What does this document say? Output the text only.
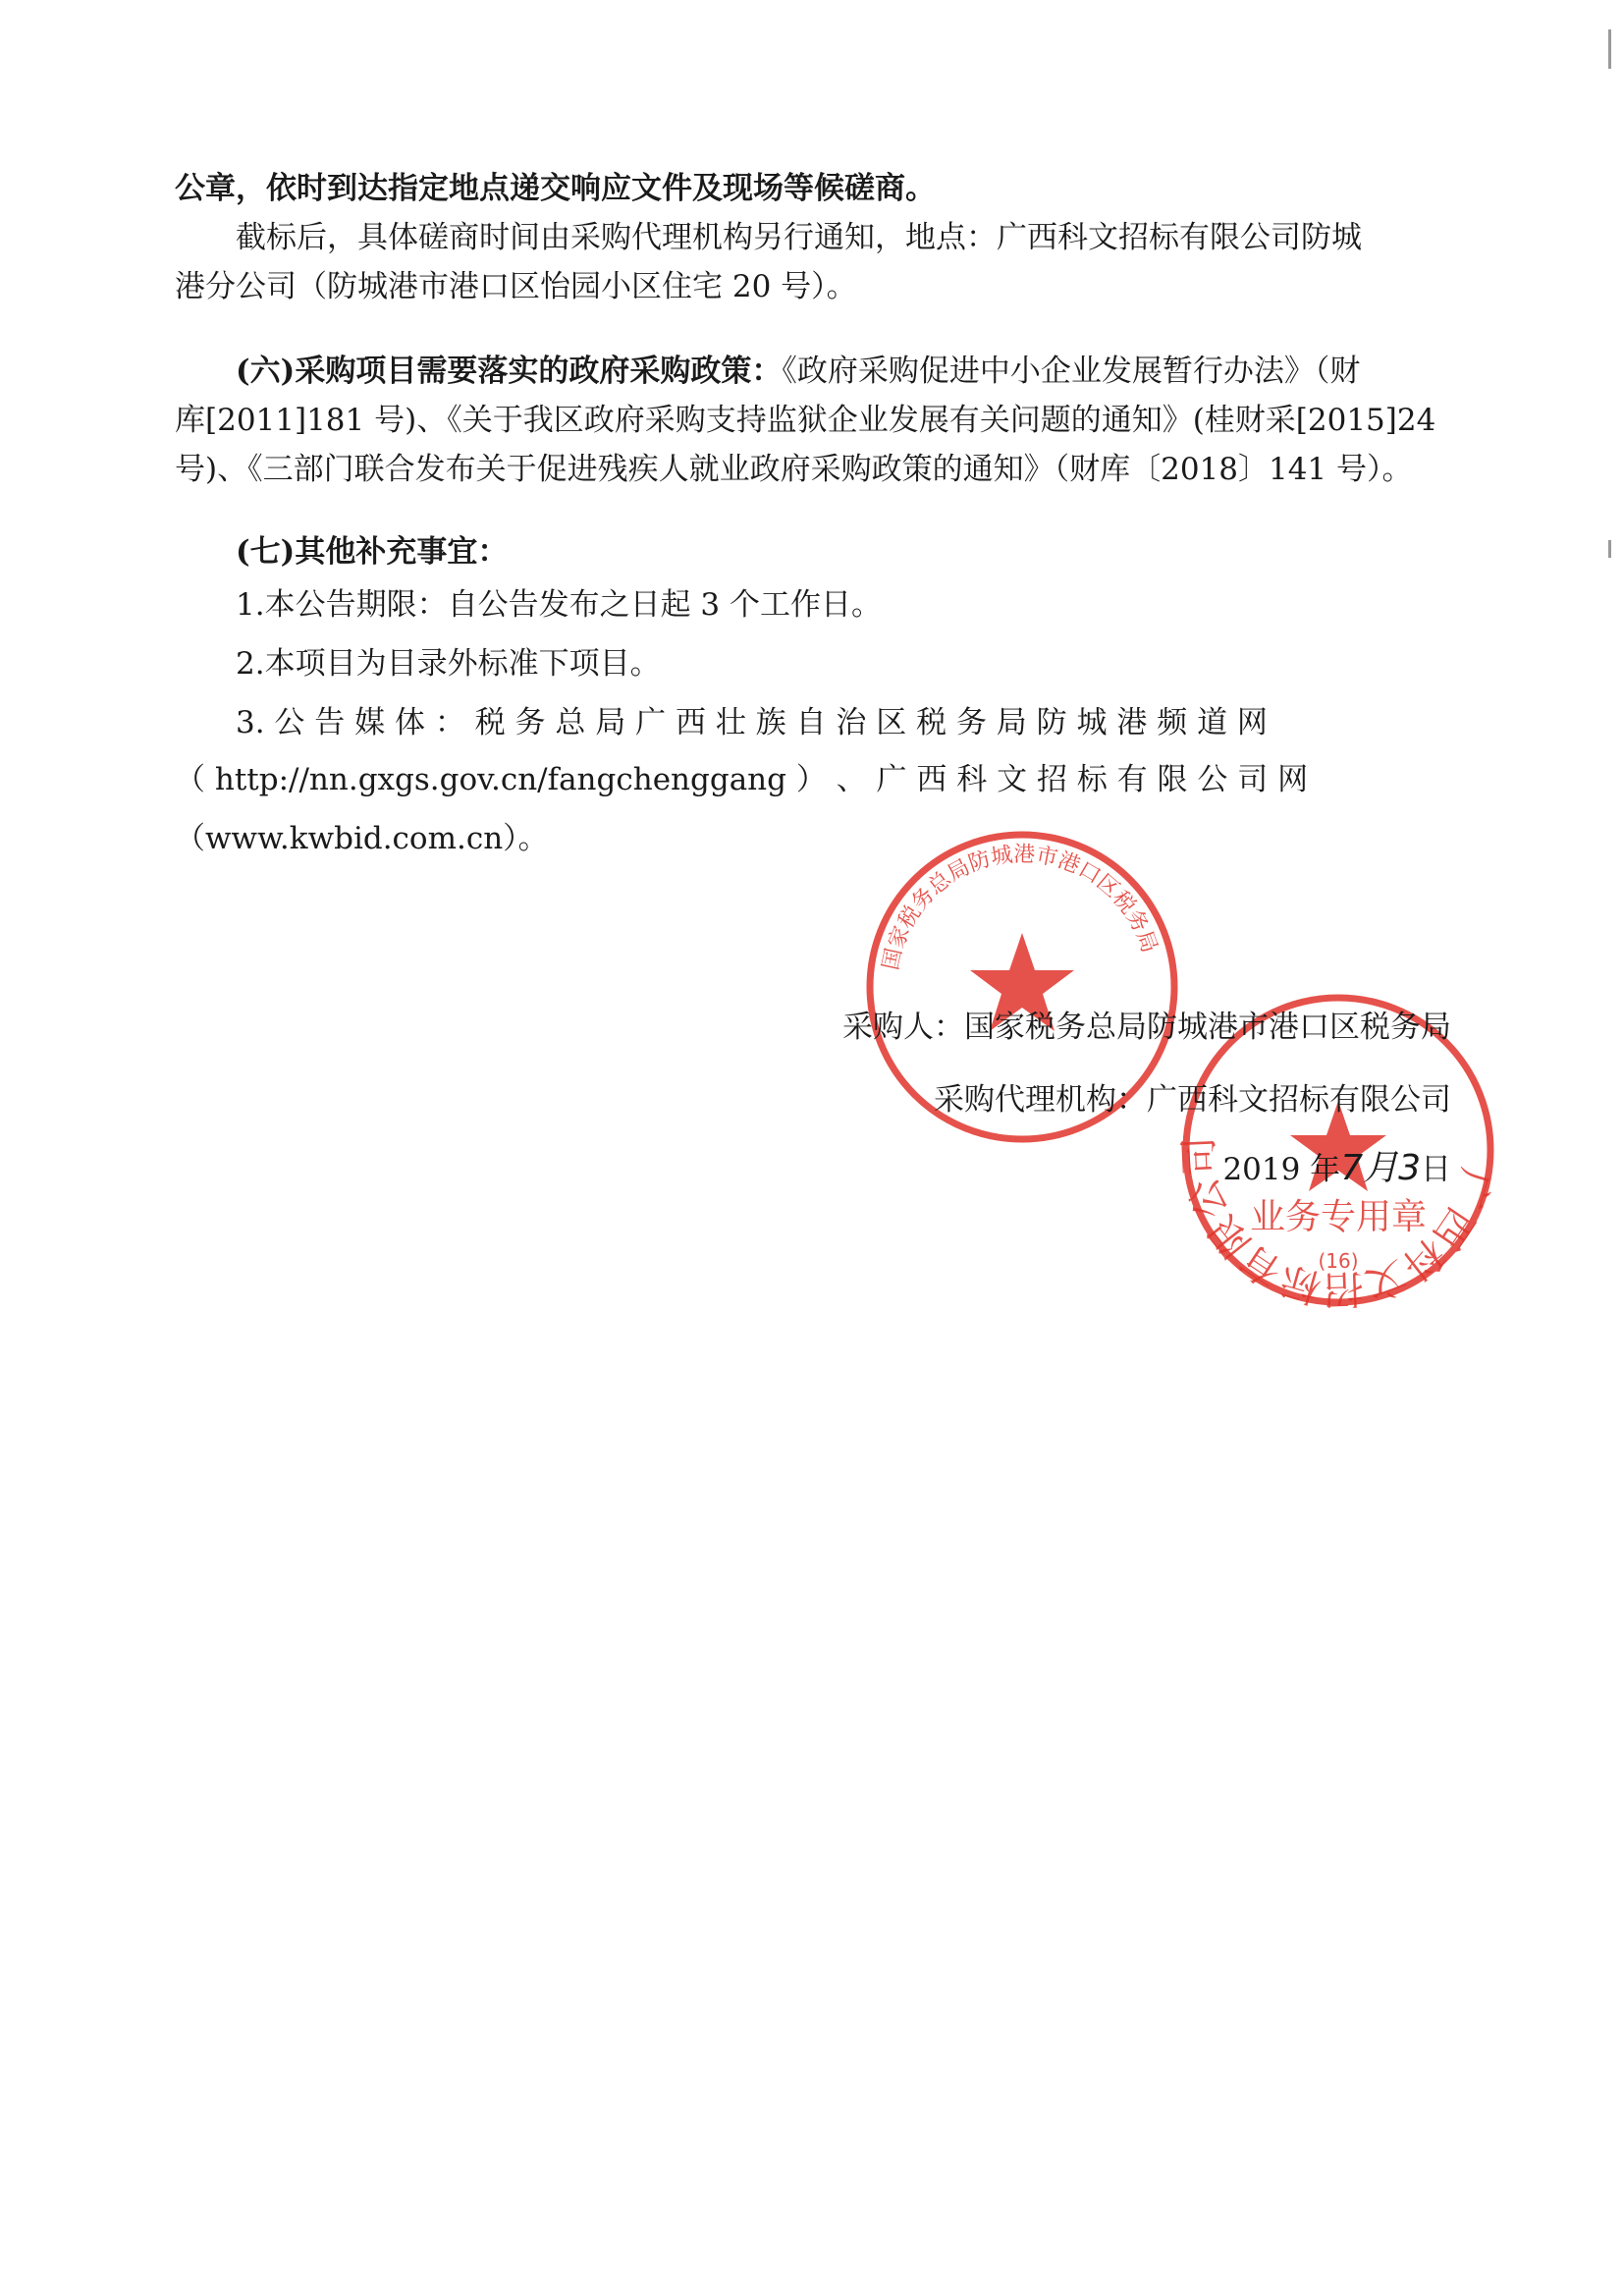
公章，依时到达指定地点递交响应文件及现场等候磋商。
截标后，具体磋商时间由采购代理机构另行通知，地点：广西科文招标有限公司防城
港分公司（防城港市港口区怡园小区住宅 20 号）。
(六)采购项目需要落实的政府采购政策：《政府采购促进中小企业发展暂行办法》（财
库[2011]181 号)、《关于我区政府采购支持监狱企业发展有关问题的通知》(桂财采[2015]24
号)、《三部门联合发布关于促进残疾人就业政府采购政策的通知》（财库〔2018〕141 号）。
(七)其他补充事宜：
1.本公告期限：自公告发布之日起 3 个工作日。
2.本项目为目录外标准下项目。
3. 公 告 媒 体 ： 税 务 总 局 广 西 壮 族 自 治 区 税 务 局 防 城 港 频 道 网
（ http://nn.gxgs.gov.cn/fangchenggang ） 、 广 西 科 文 招 标 有 限 公 司 网
（www.kwbid.com.cn）。
国家税务总局防城港市港口区税务局
广西科文招标有限公司
业务专用章
(16)
采购人：国家税务总局防城港市港口区税务局
采购代理机构：广西科文招标有限公司
2019 年7月3日
